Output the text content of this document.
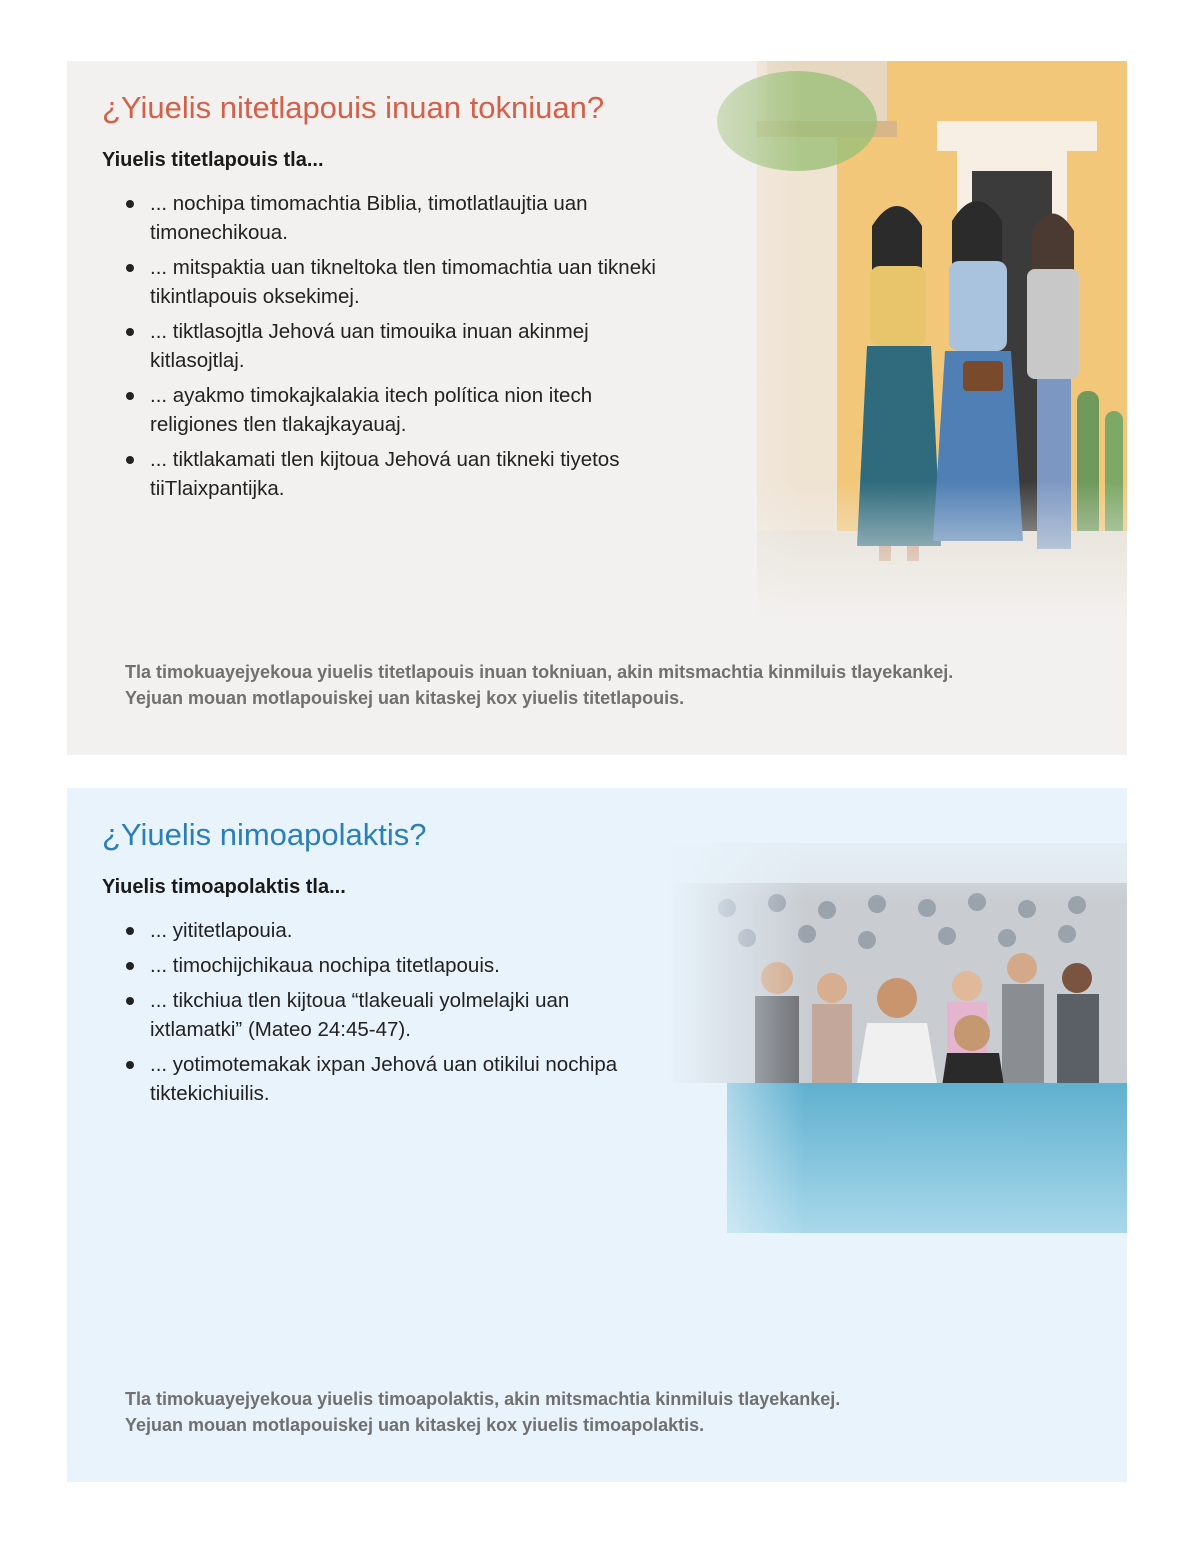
¿Yiuelis nitetlapouis inuan tokniuan?
Yiuelis titetlapouis tla...
... nochipa timomachtia Biblia, timotlatlaujtia uan timonechikoua.
... mitspaktia uan tikneltoka tlen timomachtia uan tikneki tikintlapouis oksekimej.
... tiktlasojtla Jehová uan timouika inuan akinmej kitlasojtlaj.
... ayakmo timokajkalakia itech política nion itech religiones tlen tlakajkayauaj.
... tiktlakamati tlen kijtoua Jehová uan tikneki tiyetos tiiTlaixpantijka.
Tla timokuayejyekoua yiuelis titetlapouis inuan tokniuan, akin mitsmachtia kinmiluis tlayekankej.
Yejuan mouan motlapouiskej uan kitaskej kox yiuelis titetlapouis.
¿Yiuelis nimoapolaktis?
Yiuelis timoapolaktis tla...
... yititetlapouia.
... timochijchikaua nochipa titetlapouis.
... tikchiua tlen kijtoua “tlakeuali yolmelajki uan ixtlamatki” (Mateo 24:45-47).
... yotimotemakak ixpan Jehová uan otikilui nochipa tiktekichiuilis.
Tla timokuayejyekoua yiuelis timoapolaktis, akin mitsmachtia kinmiluis tlayekankej.
Yejuan mouan motlapouiskej uan kitaskej kox yiuelis timoapolaktis.
